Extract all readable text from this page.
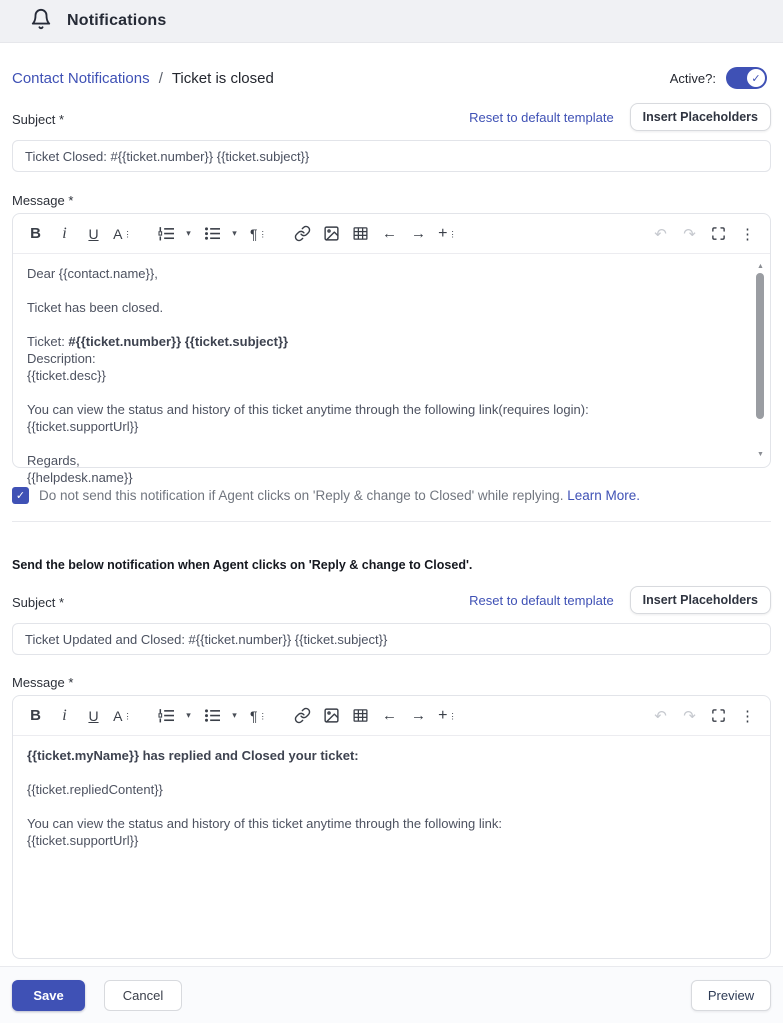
Notifications
Contact Notifications / Ticket is closed	Active?:	✓
Subject *	Reset to default template	Insert Placeholders
Ticket Closed: #{{ticket.number}} {{ticket.subject}}
Message *
B i U A
⋮	▾	▾ ¶
⋮	← → +
⋮	↶ ↷	⋮
Dear {{contact.name}},

Ticket has been closed.

Ticket: #{{ticket.number}} {{ticket.subject}}
Description:
{{ticket.desc}}

You can view the status and history of this ticket anytime through the following link(requires login):
{{ticket.supportUrl}}

Regards,
{{helpdesk.name}}
▲
▼
✓ Do not send this notification if Agent clicks on 'Reply & change to Closed' while replying. Learn More.
Send the below notification when Agent clicks on 'Reply & change to Closed'.
Subject *	Reset to default template	Insert Placeholders
Ticket Updated and Closed: #{{ticket.number}} {{ticket.subject}}
Message *
B i U A
⋮	▾	▾ ¶
⋮	← → +
⋮	↶ ↷	⋮
{{ticket.myName}} has replied and Closed your ticket:

{{ticket.repliedContent}}

You can view the status and history of this ticket anytime through the following link:
{{ticket.supportUrl}}
Save	Cancel	Preview
